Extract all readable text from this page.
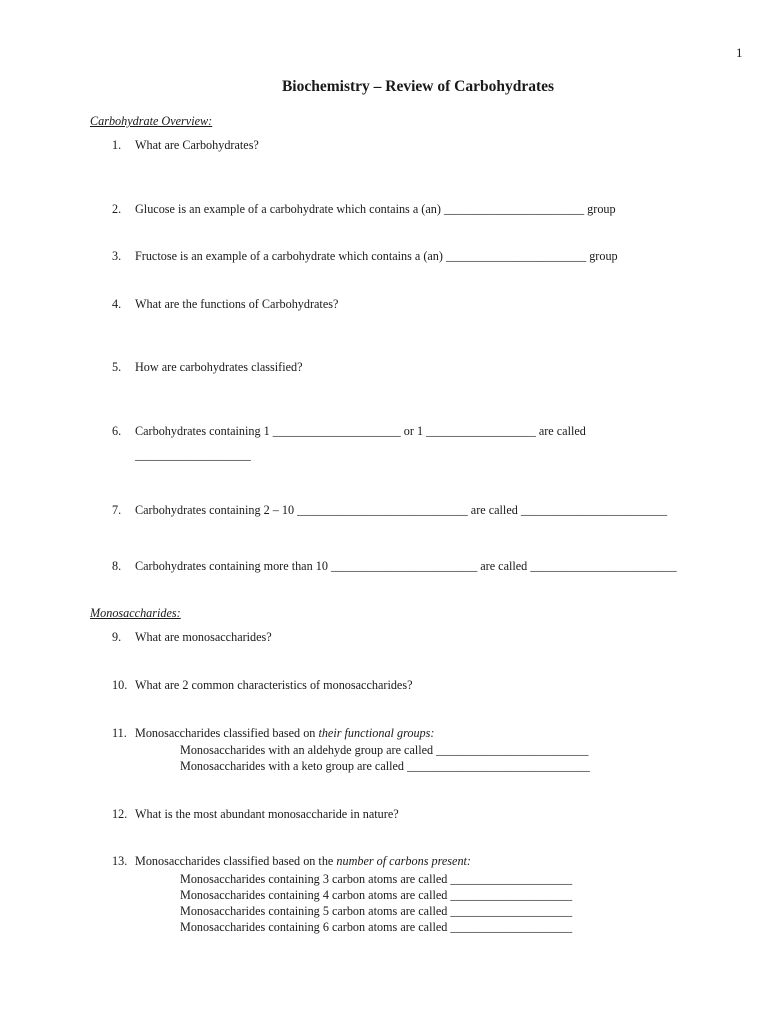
1
Biochemistry – Review of Carbohydrates
Carbohydrate Overview:
1. What are Carbohydrates?
2. Glucose is an example of a carbohydrate which contains a (an) _______________________ group
3. Fructose is an example of a carbohydrate which contains a (an) _______________________ group
4. What are the functions of Carbohydrates?
5. How are carbohydrates classified?
6. Carbohydrates containing 1 _____________________ or 1 __________________ are called
___________________
7. Carbohydrates containing 2 – 10 ____________________________ are called ________________________
8. Carbohydrates containing more than 10 ________________________ are called ________________________
Monosaccharides:
9. What are monosaccharides?
10. What are 2 common characteristics of monosaccharides?
11. Monosaccharides classified based on their functional groups:
Monosaccharides with an aldehyde group are called _________________________
Monosaccharides with a keto group are called ______________________________
12. What is the most abundant monosaccharide in nature?
13. Monosaccharides classified based on the number of carbons present:
Monosaccharides containing 3 carbon atoms are called ____________________
Monosaccharides containing 4 carbon atoms are called ____________________
Monosaccharides containing 5 carbon atoms are called ____________________
Monosaccharides containing 6 carbon atoms are called ____________________
